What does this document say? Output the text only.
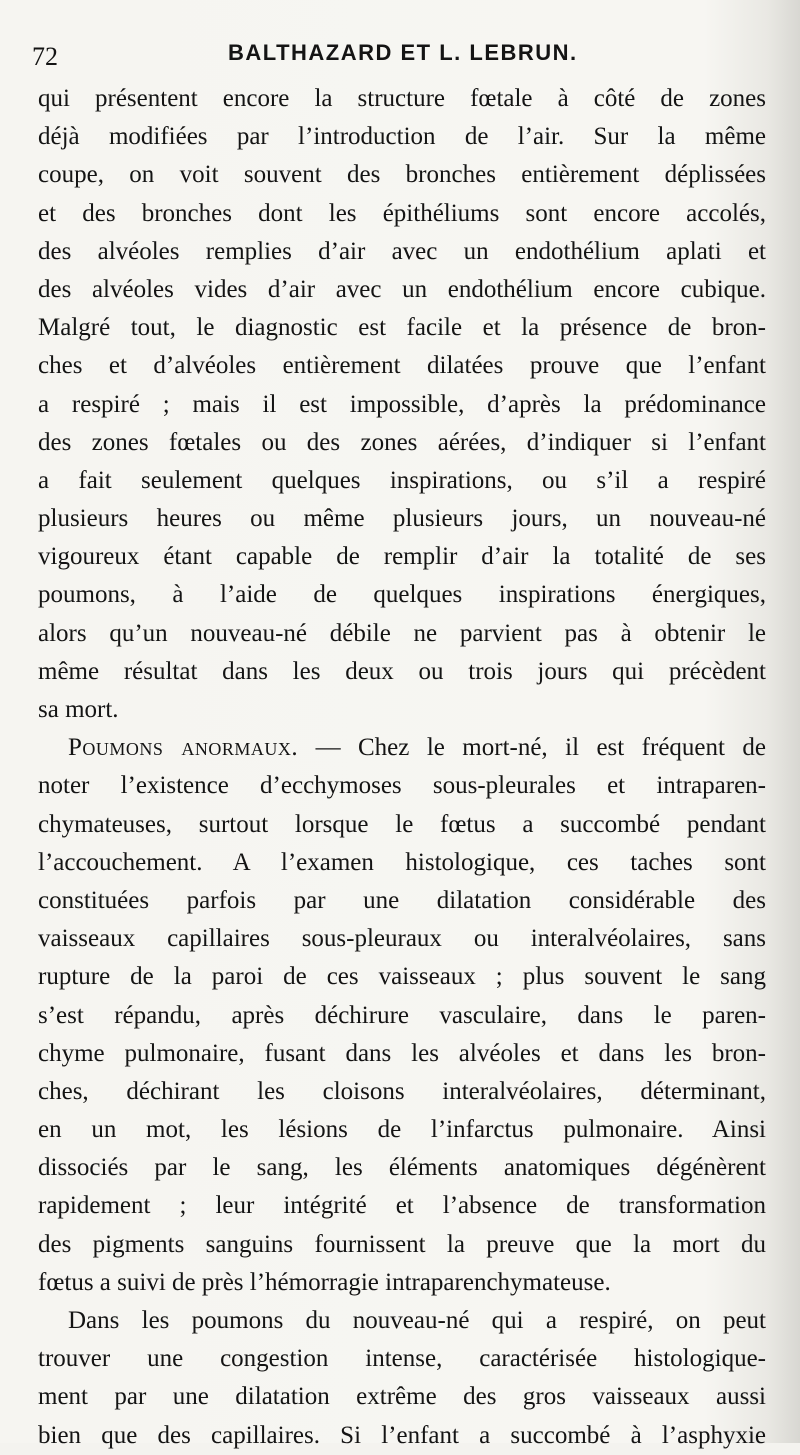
72	BALTHAZARD ET L. LEBRUN.
qui présentent encore la structure fœtale à côté de zones
déjà modifiées par l’introduction de l’air. Sur la même
coupe, on voit souvent des bronches entièrement déplissées
et des bronches dont les épithéliums sont encore accolés,
des alvéoles remplies d’air avec un endothélium aplati et
des alvéoles vides d’air avec un endothélium encore cubique.
Malgré tout, le diagnostic est facile et la présence de bron-
ches et d’alvéoles entièrement dilatées prouve que l’enfant
a respiré ; mais il est impossible, d’après la prédominance
des zones fœtales ou des zones aérées, d’indiquer si l’enfant
a fait seulement quelques inspirations, ou s’il a respiré
plusieurs heures ou même plusieurs jours, un nouveau-né
vigoureux étant capable de remplir d’air la totalité de ses
poumons, à l’aide de quelques inspirations énergiques,
alors qu’un nouveau-né débile ne parvient pas à obtenir le
même résultat dans les deux ou trois jours qui précèdent
sa mort.
Poumons anormaux. — Chez le mort-né, il est fréquent de
noter l’existence d’ecchymoses sous-pleurales et intraparen-
chymateuses, surtout lorsque le fœtus a succombé pendant
l’accouchement. A l’examen histologique, ces taches sont
constituées parfois par une dilatation considérable des
vaisseaux capillaires sous-pleuraux ou interalvéolaires, sans
rupture de la paroi de ces vaisseaux ; plus souvent le sang
s’est répandu, après déchirure vasculaire, dans le paren-
chyme pulmonaire, fusant dans les alvéoles et dans les bron-
ches, déchirant les cloisons interalvéolaires, déterminant,
en un mot, les lésions de l’infarctus pulmonaire. Ainsi
dissociés par le sang, les éléments anatomiques dégénèrent
rapidement ; leur intégrité et l’absence de transformation
des pigments sanguins fournissent la preuve que la mort du
fœtus a suivi de près l’hémorragie intraparenchymateuse.
Dans les poumons du nouveau-né qui a respiré, on peut
trouver une congestion intense, caractérisée histologique-
ment par une dilatation extrême des gros vaisseaux aussi
bien que des capillaires. Si l’enfant a succombé à l’asphyxie
